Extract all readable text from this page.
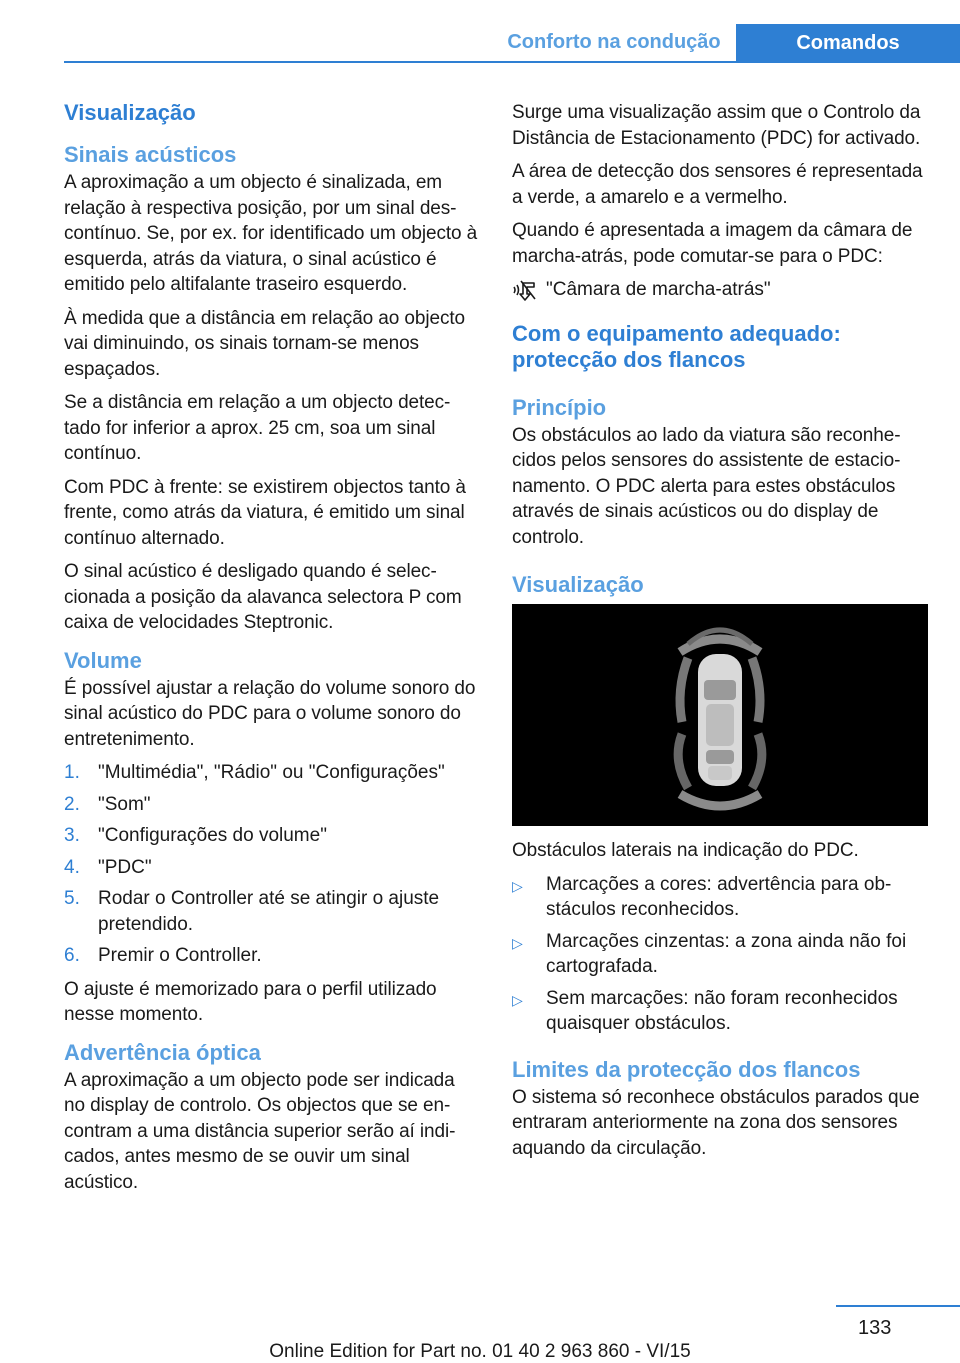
Conforto na condução	Comandos
Visualização
Sinais acústicos

A aproximação a um objecto é sinalizada, em relação à respectiva posição, por um sinal descontínuo. Se, por ex. for identificado um objecto à esquerda, atrás da viatura, o sinal acústico é emitido pelo altifalante traseiro esquerdo.

À medida que a distância em relação ao objecto vai diminuindo, os sinais tornam-se menos espaçados.

Se a distância em relação a um objecto detectado for inferior a aprox. 25 cm, soa um sinal contínuo.

Com PDC à frente: se existirem objectos tanto à frente, como atrás da viatura, é emitido um sinal contínuo alternado.

O sinal acústico é desligado quando é seleccionada a posição da alavanca selectora P com caixa de velocidades Steptronic.

Volume

É possível ajustar a relação do volume sonoro do sinal acústico do PDC para o volume sonoro do entretenimento.

1. "Multimédia", "Rádio" ou "Configurações"
2. "Som"
3. "Configurações do volume"
4. "PDC"
5. Rodar o Controller até se atingir o ajuste pretendido.
6. Premir o Controller.

O ajuste é memorizado para o perfil utilizado nesse momento.

Advertência óptica

A aproximação a um objecto pode ser indicada no display de controlo. Os objectos que se encontram a uma distância superior serão aí indicados, antes mesmo de se ouvir um sinal acústico.

Surge uma visualização assim que o Controlo da Distância de Estacionamento (PDC) for activado.

A área de detecção dos sensores é representada a verde, a amarelo e a vermelho.

Quando é apresentada a imagem da câmara de marcha-atrás, pode comutar-se para o PDC:

"Câmara de marcha-atrás"
Com o equipamento adequado: protecção dos flancos
Princípio

Os obstáculos ao lado da viatura são reconhecidos pelos sensores do assistente de estacionamento. O PDC alerta para estes obstáculos através de sinais acústicos ou do display de controlo.

Visualização

Obstáculos laterais na indicação do PDC.

▷	Marcações a cores: advertência para obstáculos reconhecidos.
▷	Marcações cinzentas: a zona ainda não foi cartografada.
▷	Sem marcações: não foram reconhecidos quaisquer obstáculos.
Limites da protecção dos flancos

O sistema só reconhece obstáculos parados que entraram anteriormente na zona dos sensores aquando da circulação.

133
Online Edition for Part no. 01 40 2 963 860 - VI/15
